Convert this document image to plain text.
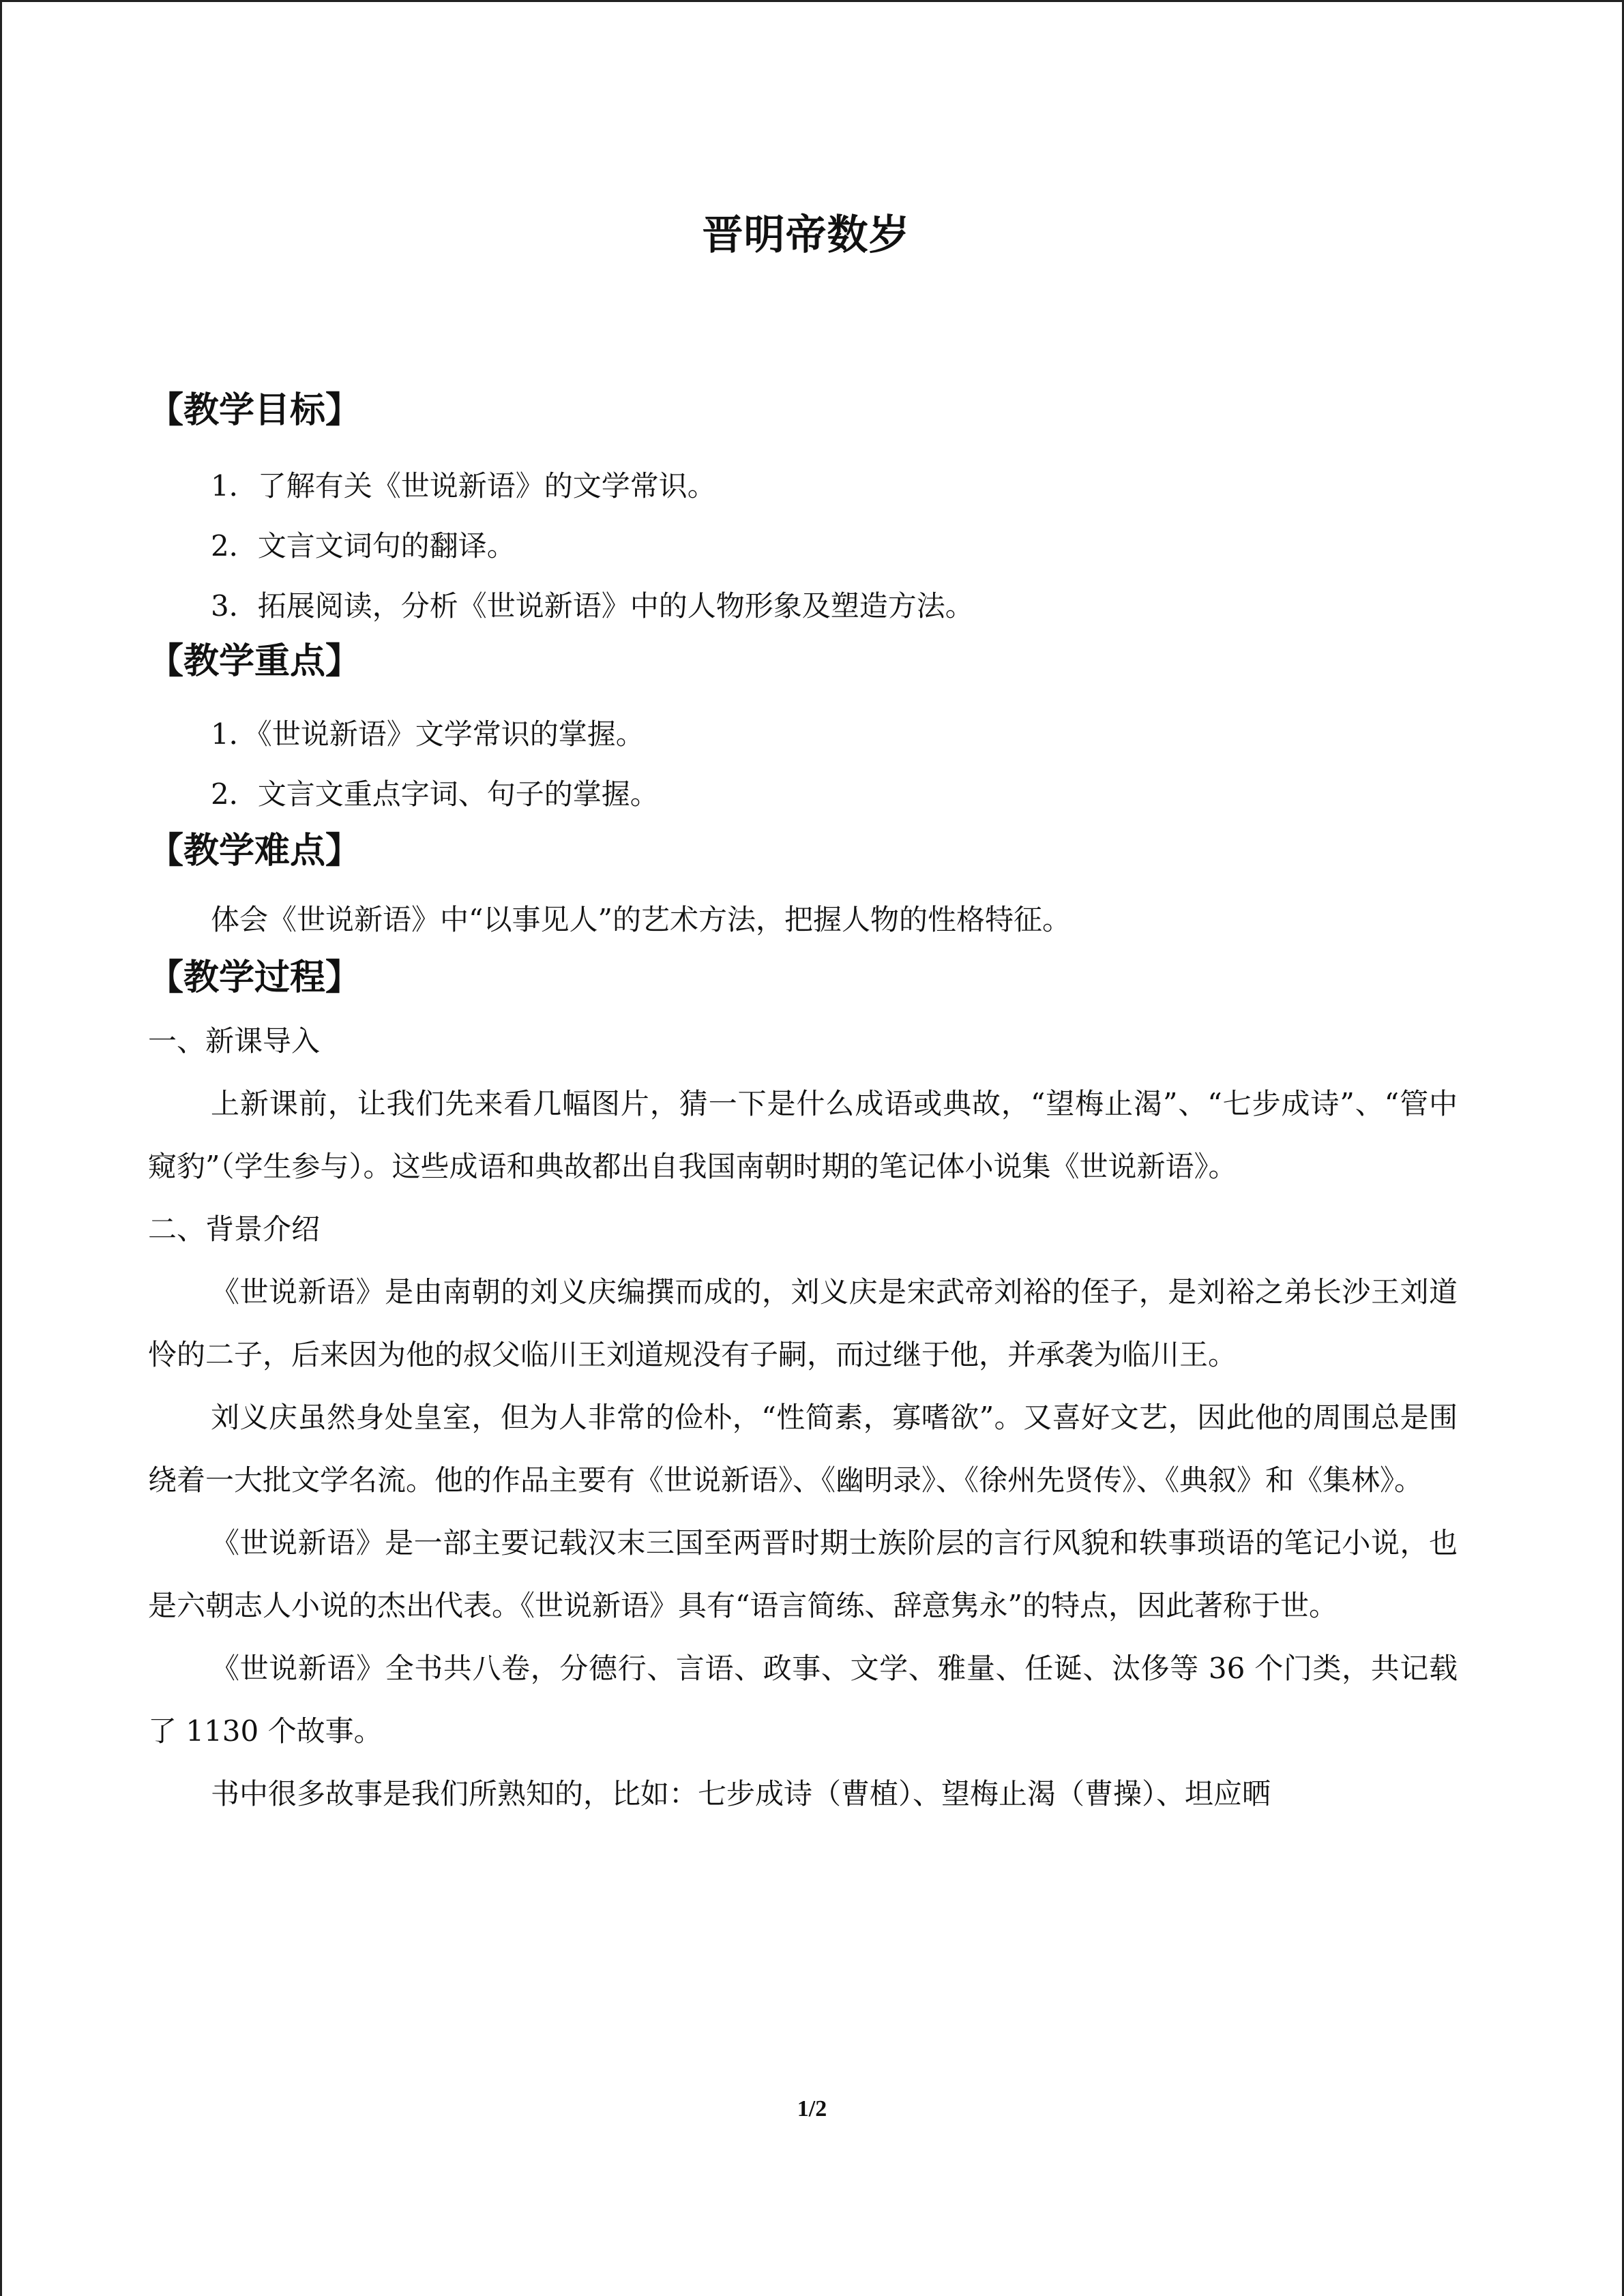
晋明帝数岁
【教学目标】

1．了解有关《世说新语》的文学常识。

2．文言文词句的翻译。

3．拓展阅读，分析《世说新语》中的人物形象及塑造方法。

【教学重点】

1．《世说新语》文学常识的掌握。

2．文言文重点字词、句子的掌握。

【教学难点】

体会《世说新语》中“以事见人”的艺术方法，把握人物的性格特征。

【教学过程】

一、新课导入

上新课前，让我们先来看几幅图片，猜一下是什么成语或典故，“望梅止渴”、“七步成诗”、“管中窥豹”（学生参与）。这些成语和典故都出自我国南朝时期的笔记体小说集《世说新语》。

二、背景介绍

《世说新语》是由南朝的刘义庆编撰而成的，刘义庆是宋武帝刘裕的侄子，是刘裕之弟长沙王刘道怜的二子，后来因为他的叔父临川王刘道规没有子嗣，而过继于他，并承袭为临川王。

刘义庆虽然身处皇室，但为人非常的俭朴，“性简素，寡嗜欲”。又喜好文艺，因此他的周围总是围绕着一大批文学名流。他的作品主要有《世说新语》、《幽明录》、《徐州先贤传》、《典叙》和《集林》。

《世说新语》是一部主要记载汉末三国至两晋时期士族阶层的言行风貌和轶事琐语的笔记小说，也是六朝志人小说的杰出代表。《世说新语》具有“语言简练、辞意隽永”的特点，因此著称于世。

《世说新语》全书共八卷，分德行、言语、政事、文学、雅量、任诞、汰侈等 36 个门类，共记载了 1130 个故事。

书中很多故事是我们所熟知的，比如：七步成诗（曹植）、望梅止渴（曹操）、坦应晒

1/2
